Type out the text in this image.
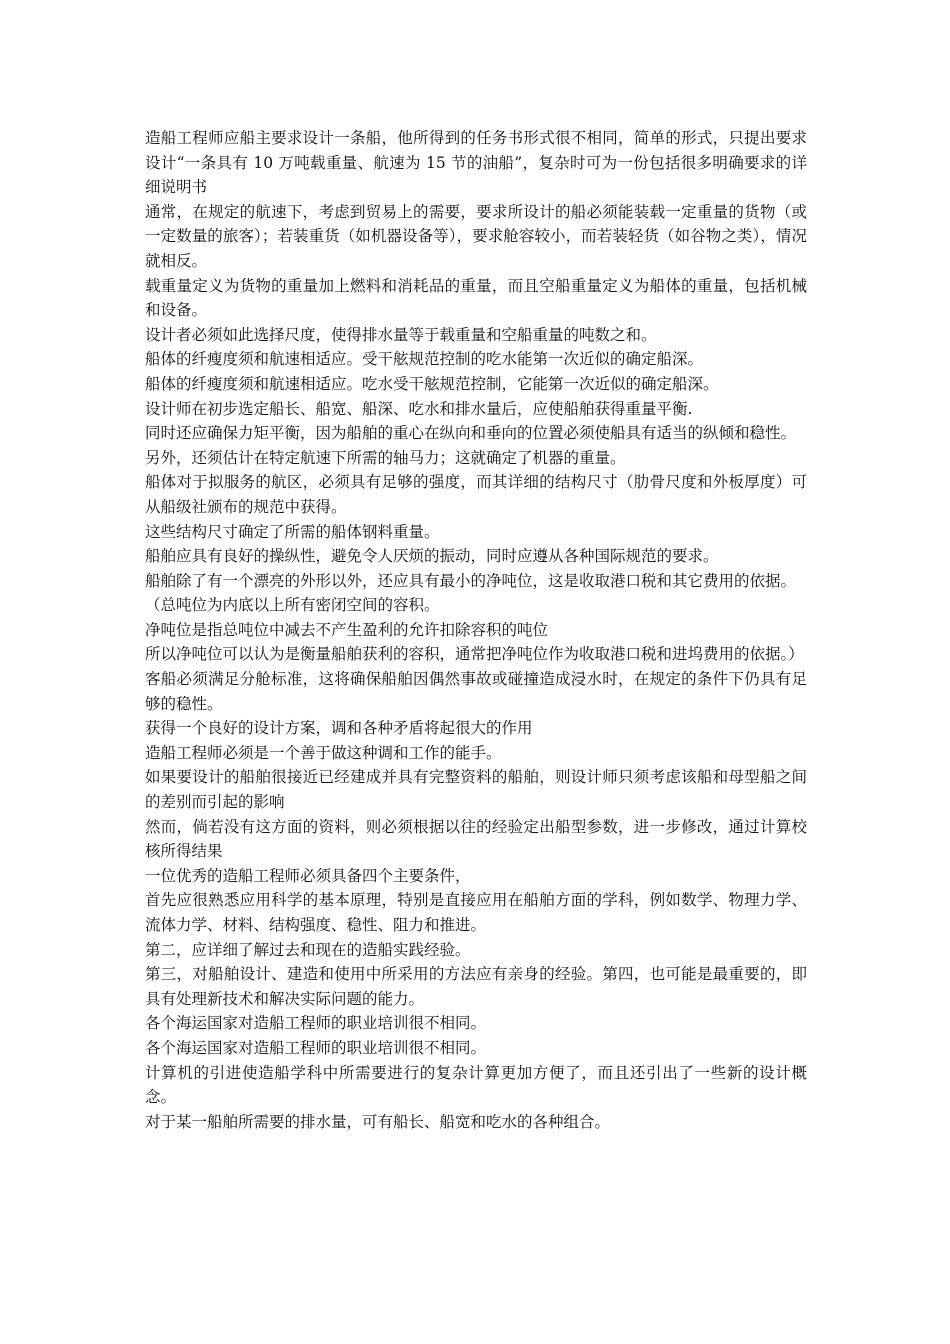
造船工程师应船主要求设计一条船，他所得到的任务书形式很不相同，简单的形式，只提出要求设计“一条具有 10 万吨载重量、航速为 15 节的油船”，复杂时可为一份包括很多明确要求的详细说明书

通常，在规定的航速下，考虑到贸易上的需要，要求所设计的船必须能装载一定重量的货物（或一定数量的旅客）；若装重货（如机器设备等），要求舱容较小，而若装轻货（如谷物之类），情况就相反。

载重量定义为货物的重量加上燃料和消耗品的重量，而且空船重量定义为船体的重量，包括机械和设备。

设计者必须如此选择尺度，使得排水量等于载重量和空船重量的吨数之和。

船体的纤瘦度须和航速相适应。受干舷规范控制的吃水能第一次近似的确定船深。

船体的纤瘦度须和航速相适应。吃水受干舷规范控制，它能第一次近似的确定船深。

设计师在初步选定船长、船宽、船深、吃水和排水量后，应使船舶获得重量平衡.

同时还应确保力矩平衡，因为船舶的重心在纵向和垂向的位置必须使船具有适当的纵倾和稳性。

另外，还须估计在特定航速下所需的轴马力；这就确定了机器的重量。

船体对于拟服务的航区，必须具有足够的强度，而其详细的结构尺寸（肋骨尺度和外板厚度）可从船级社颁布的规范中获得。

这些结构尺寸确定了所需的船体钢料重量。

船舶应具有良好的操纵性，避免令人厌烦的振动，同时应遵从各种国际规范的要求。

船舶除了有一个漂亮的外形以外，还应具有最小的净吨位，这是收取港口税和其它费用的依据。

（总吨位为内底以上所有密闭空间的容积。

净吨位是指总吨位中减去不产生盈利的允许扣除容积的吨位

所以净吨位可以认为是衡量船舶获利的容积，通常把净吨位作为收取港口税和进坞费用的依据。）

客船必须满足分舱标准，这将确保船舶因偶然事故或碰撞造成浸水时，在规定的条件下仍具有足够的稳性。

获得一个良好的设计方案，调和各种矛盾将起很大的作用

造船工程师必须是一个善于做这种调和工作的能手。

如果要设计的船舶很接近已经建成并具有完整资料的船舶，则设计师只须考虑该船和母型船之间的差别而引起的影响

然而，倘若没有这方面的资料，则必须根据以往的经验定出船型参数，进一步修改，通过计算校核所得结果

一位优秀的造船工程师必须具备四个主要条件，

首先应很熟悉应用科学的基本原理，特别是直接应用在船舶方面的学科，例如数学、物理力学、流体力学、材料、结构强度、稳性、阻力和推进。

第二，应详细了解过去和现在的造船实践经验。

第三，对船舶设计、建造和使用中所采用的方法应有亲身的经验。第四，也可能是最重要的，即具有处理新技术和解决实际问题的能力。

各个海运国家对造船工程师的职业培训很不相同。

各个海运国家对造船工程师的职业培训很不相同。

计算机的引进使造船学科中所需要进行的复杂计算更加方便了，而且还引出了一些新的设计概念。

对于某一船舶所需要的排水量，可有船长、船宽和吃水的各种组合。
